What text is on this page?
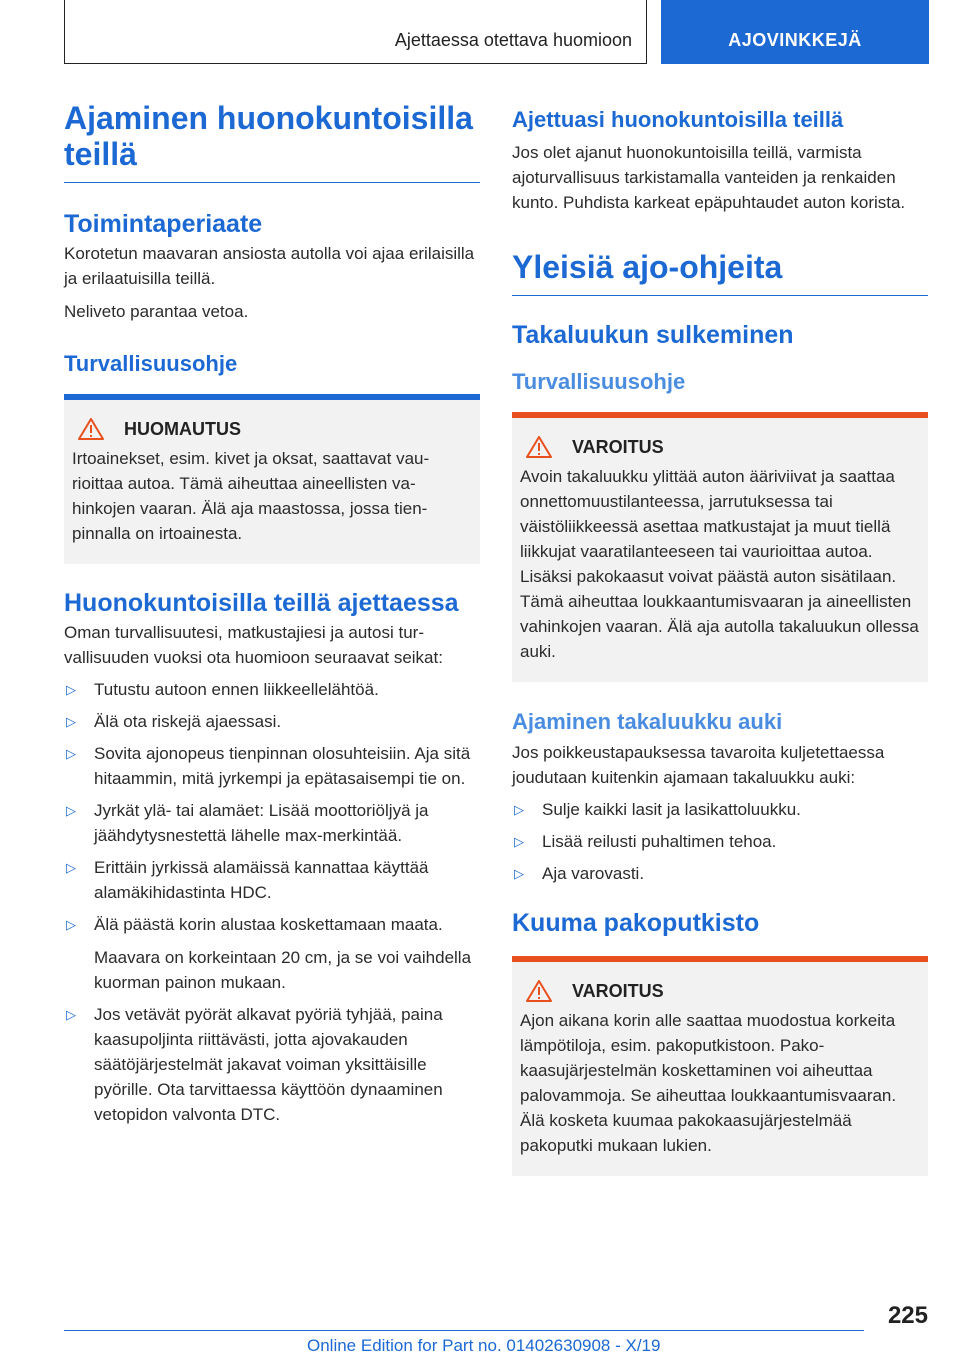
Ajettaessa otettava huomioon	AJOVINKKEJÄ
Ajaminen huonokuntoisilla teillä
Toimintaperiaate

Korotetun maavaran ansiosta autolla voi ajaa erilaisilla ja erilaatuisilla teillä.

Neliveto parantaa vetoa.

Turvallisuusohje
HUOMAUTUS

Irtoainekset, esim. kivet ja oksat, saattavat vaurioittaa autoa. Tämä aiheuttaa aineellisten vahinkojen vaaran. Älä aja maastossa, jossa tienpinnalla on irtoainesta.

Huonokuntoisilla teillä ajettaessa

Oman turvallisuutesi, matkustajiesi ja autosi turvallisuuden vuoksi ota huomioon seuraavat seikat:

▷ Tutustu autoon ennen liikkeellelähtöä.
▷ Älä ota riskejä ajaessasi.
▷ Sovita ajonopeus tienpinnan olosuhteisiin. Aja sitä hitaammin, mitä jyrkempi ja epätasaisempi tie on.
▷ Jyrkät ylä- tai alamäet: Lisää moottoriöljyä ja jäähdytysnestettä lähelle max-merkintää.
▷ Erittäin jyrkissä alamäissä kannattaa käyttää alamäkihidastinta HDC.
▷ Älä päästä korin alustaa koskettamaan maata.
Maavara on korkeintaan 20 cm, ja se voi vaihdella kuorman painon mukaan.
▷ Jos vetävät pyörät alkavat pyöriä tyhjää, paina kaasupoljinta riittävästi, jotta ajovakauden säätöjärjestelmät jakavat voiman yksittäisille pyörille. Ota tarvittaessa käyttöön dynaaminen vetopidon valvonta DTC.
Ajettuasi huonokuntoisilla teillä

Jos olet ajanut huonokuntoisilla teillä, varmista ajoturvallisuus tarkistamalla vanteiden ja renkaiden kunto. Puhdista karkeat epäpuhtaudet auton korista.

Yleisiä ajo-ohjeita
Takaluukun sulkeminen
Turvallisuusohje
VAROITUS

Avoin takaluukku ylittää auton ääriviivat ja saattaa onnettomuustilanteessa, jarrutuksessa tai väistöliikkeessä asettaa matkustajat ja muut tiellä liikkujat vaaratilanteeseen tai vaurioittaa autoa. Lisäksi pakokaasut voivat päästä auton sisätilaan. Tämä aiheuttaa loukkaantumisvaaran ja aineellisten vahinkojen vaaran. Älä aja autolla takaluukun ollessa auki.

Ajaminen takaluukku auki

Jos poikkeustapauksessa tavaroita kuljetettaessa joudutaan kuitenkin ajamaan takaluukku auki:

▷ Sulje kaikki lasit ja lasikattoluukku.
▷ Lisää reilusti puhaltimen tehoa.
▷ Aja varovasti.
Kuuma pakoputkisto
VAROITUS

Ajon aikana korin alle saattaa muodostua korkeita lämpötiloja, esim. pakoputkistoon. Pakokaasujärjestelmän koskettaminen voi aiheuttaa palovammoja. Se aiheuttaa loukkaantumisvaaran. Älä kosketa kuumaa pakokaasujärjestelmää pakoputki mukaan lukien.

225
Online Edition for Part no. 01402630908 - X/19
